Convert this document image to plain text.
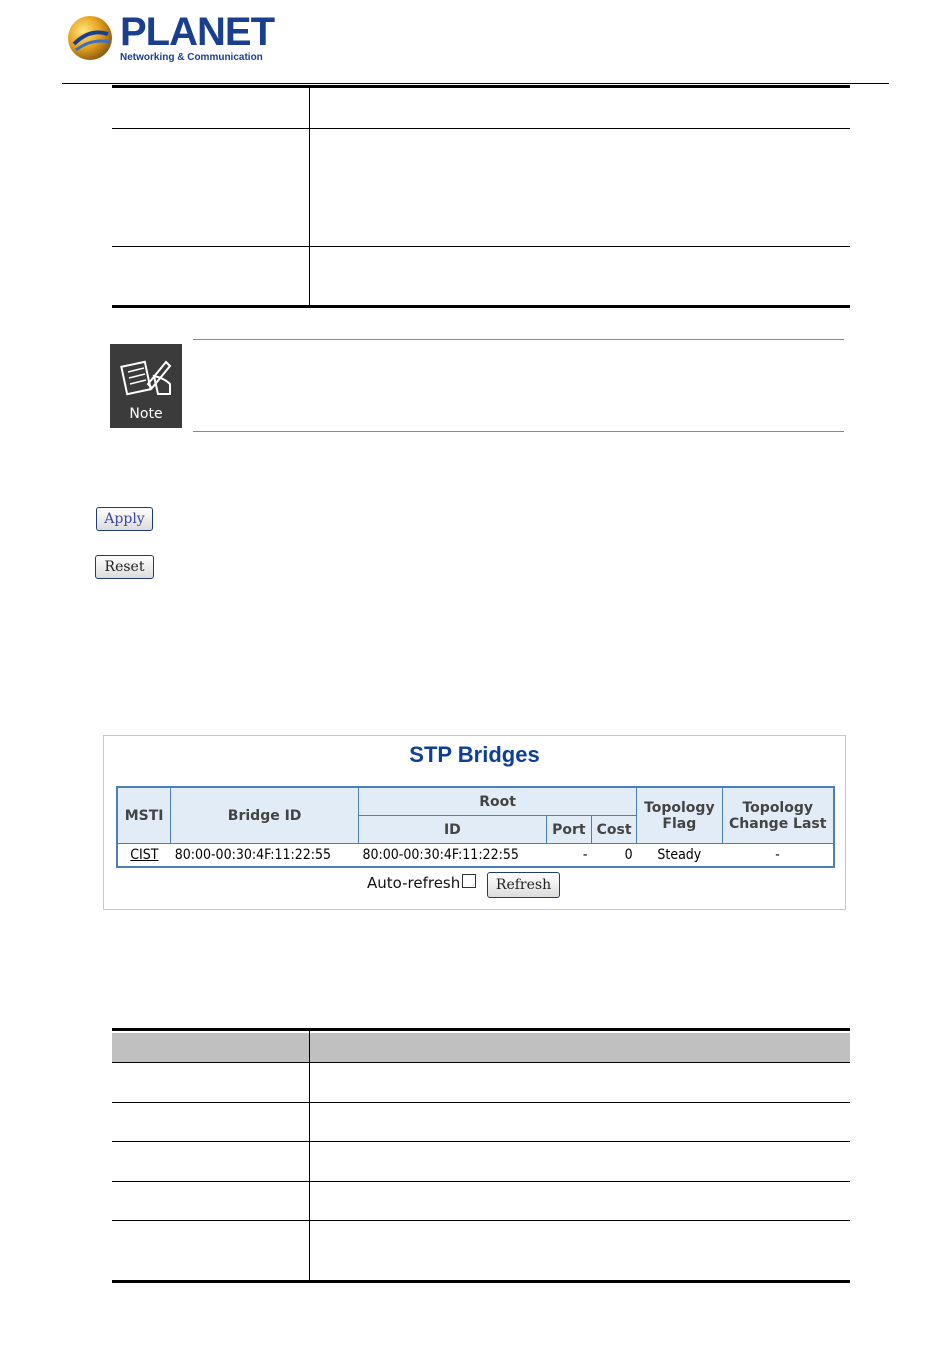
PLANET
Networking & Communication
Note
Apply
Reset
STP Bridges
MSTI	Bridge ID	Root			Topology Flag	Topology Change Last
		ID	Port	Cost		
CIST	80:00-00:30:4F:11:22:55	80:00-00:30:4F:11:22:55	-	0	Steady	-
Auto-refresh	Refresh
